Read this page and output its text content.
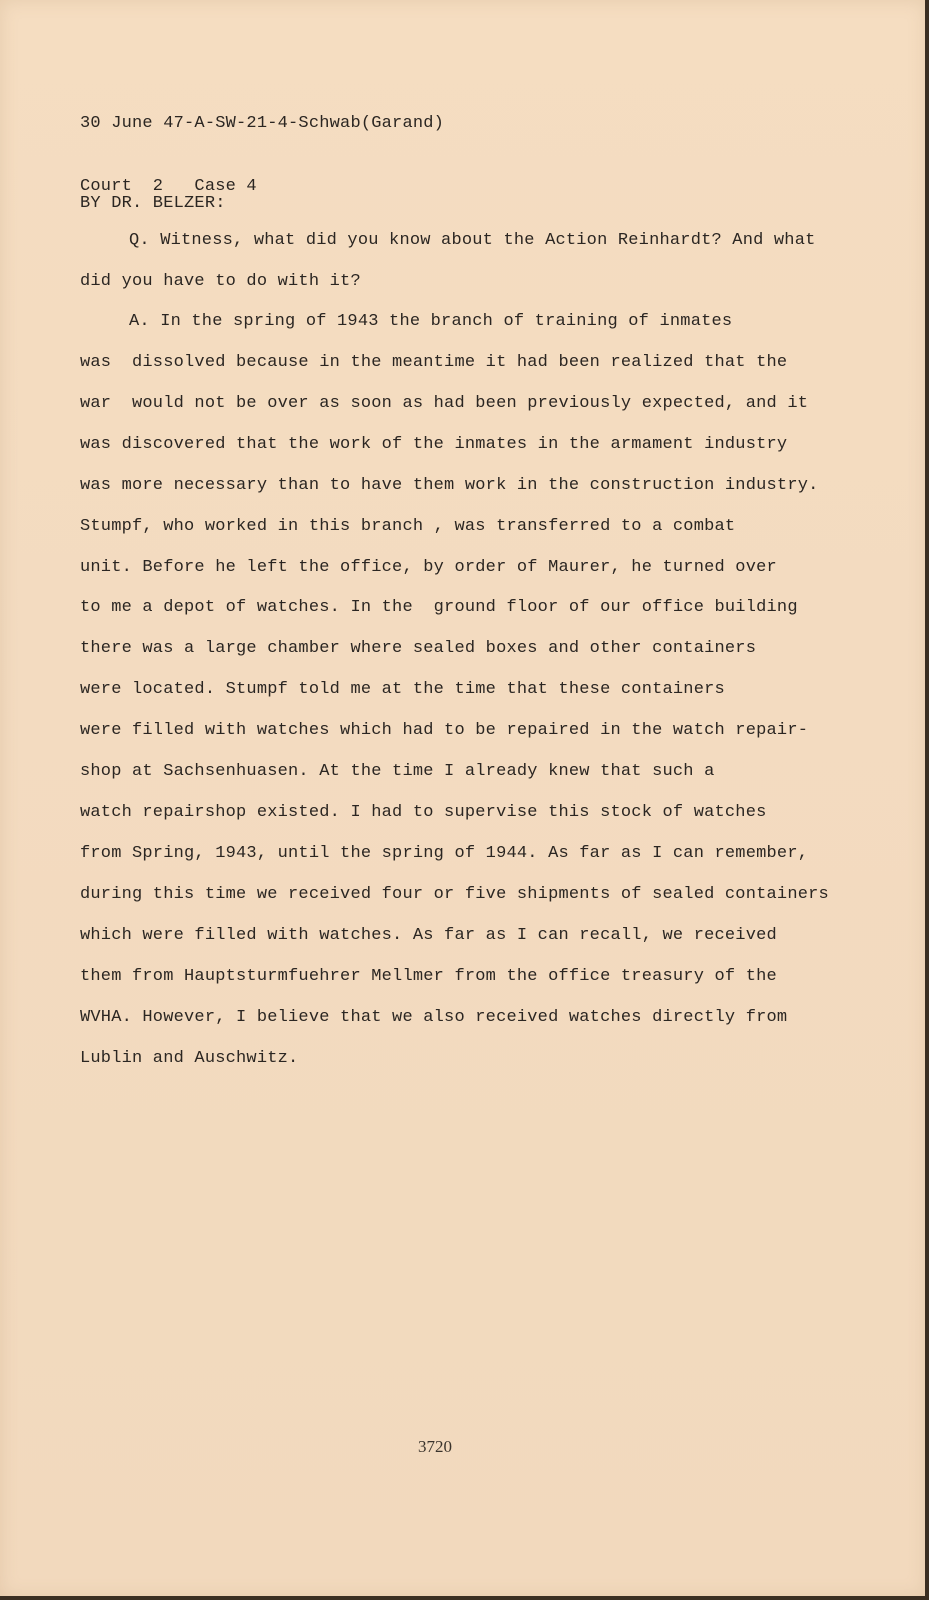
30 June 47-A-SW-21-4-Schwab(Garand)

Court  2   Case 4

BY DR. BELZER:
Q. Witness, what did you know about the Action Reinhardt? And what
did you have to do with it?
A. In the spring of 1943 the branch of training of inmates
was  dissolved because in the meantime it had been realized that the
war  would not be over as soon as had been previously expected, and it
was discovered that the work of the inmates in the armament industry
was more necessary than to have them work in the construction industry.
Stumpf, who worked in this branch , was transferred to a combat
unit. Before he left the office, by order of Maurer, he turned over
to me a depot of watches. In the  ground floor of our office building
there was a large chamber where sealed boxes and other containers
were located. Stumpf told me at the time that these containers
were filled with watches which had to be repaired in the watch repair-
shop at Sachsenhuasen. At the time I already knew that such a
watch repairshop existed. I had to supervise this stock of watches
from Spring, 1943, until the spring of 1944. As far as I can remember,
during this time we received four or five shipments of sealed containers
which were filled with watches. As far as I can recall, we received
them from Hauptsturmfuehrer Mellmer from the office treasury of the
WVHA. However, I believe that we also received watches directly from
Lublin and Auschwitz.
3720
